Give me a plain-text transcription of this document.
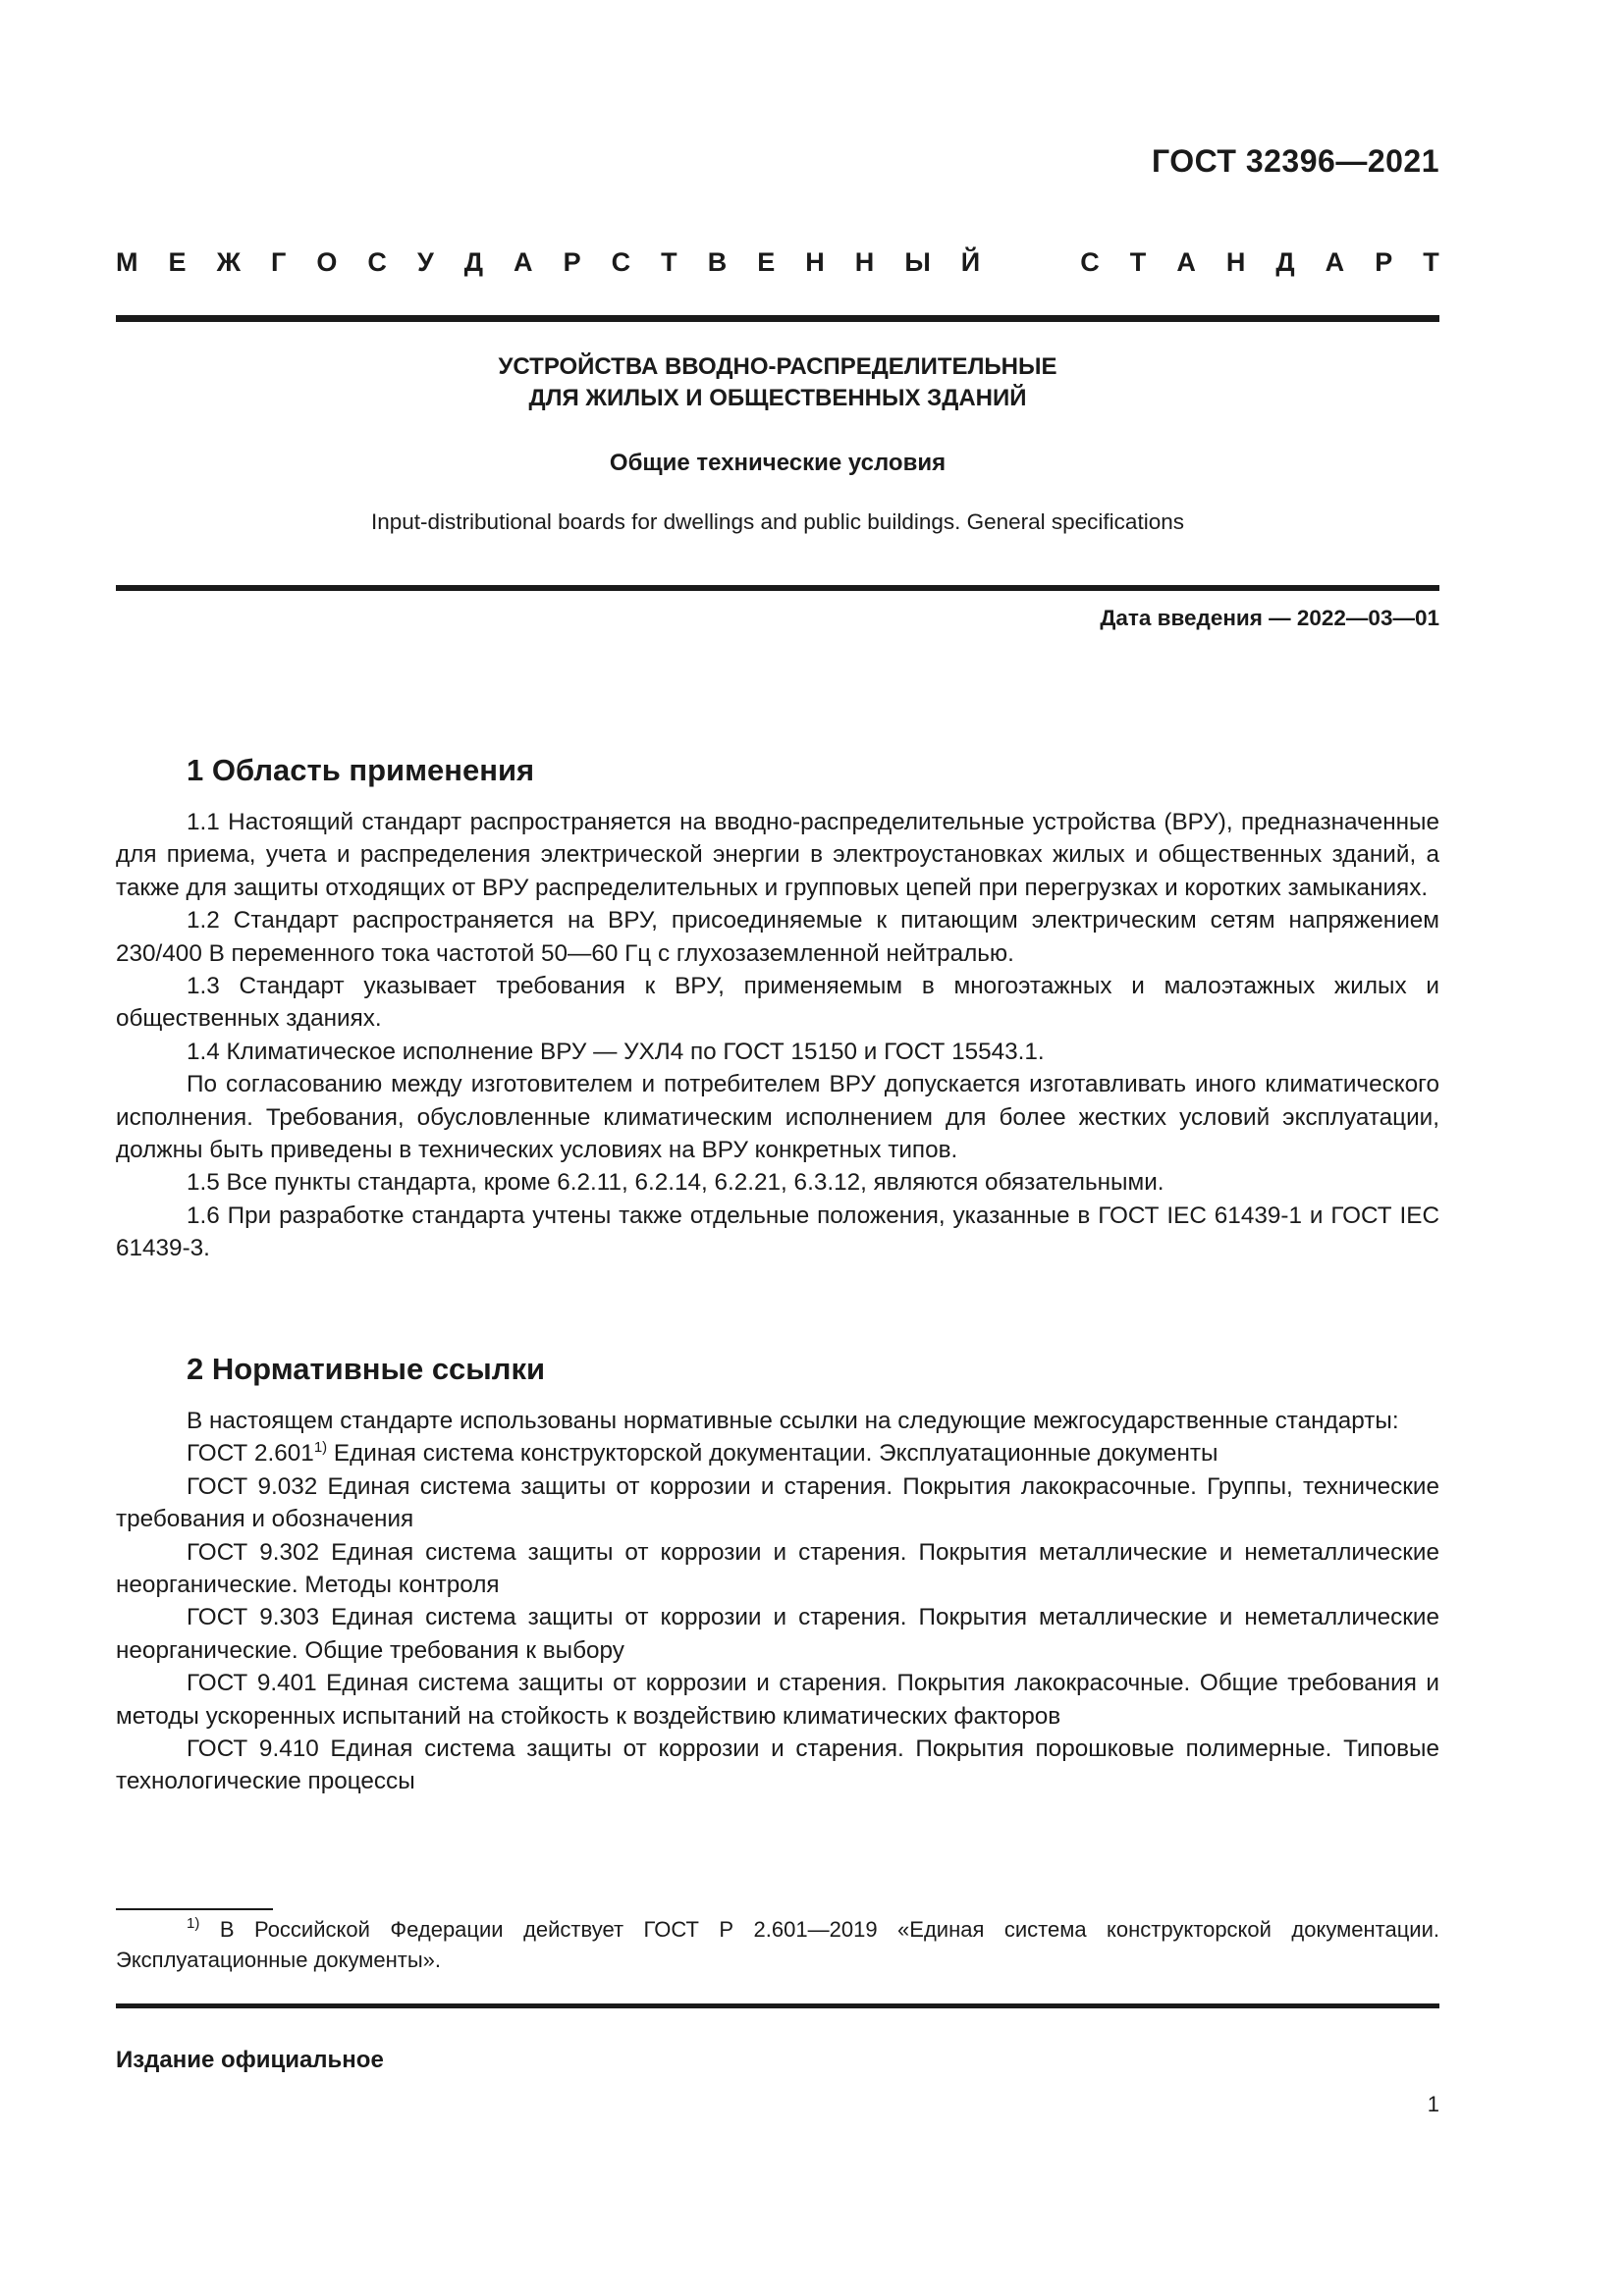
ГОСТ 32396—2021
М Е Ж Г О С У Д А Р С Т В Е Н Н Ы Й	С Т А Н Д А Р Т
УСТРОЙСТВА ВВОДНО-РАСПРЕДЕЛИТЕЛЬНЫЕ
ДЛЯ ЖИЛЫХ И ОБЩЕСТВЕННЫХ ЗДАНИЙ
Общие технические условия
Input-distributional boards for dwellings and public buildings. General specifications
Дата введения — 2022—03—01
1 Область применения

1.1 Настоящий стандарт распространяется на вводно-распределительные устройства (ВРУ), предназначенные для приема, учета и распределения электрической энергии в электроустановках жилых и общественных зданий, а также для защиты отходящих от ВРУ распределительных и групповых цепей при перегрузках и коротких замыканиях.

1.2 Стандарт распространяется на ВРУ, присоединяемые к питающим электрическим сетям напряжением 230/400 В переменного тока частотой 50—60 Гц с глухозаземленной нейтралью.

1.3 Стандарт указывает требования к ВРУ, применяемым в многоэтажных и малоэтажных жилых и общественных зданиях.

1.4 Климатическое исполнение ВРУ — УХЛ4 по ГОСТ 15150 и ГОСТ 15543.1.

По согласованию между изготовителем и потребителем ВРУ допускается изготавливать иного климатического исполнения. Требования, обусловленные климатическим исполнением для более жестких условий эксплуатации, должны быть приведены в технических условиях на ВРУ конкретных типов.

1.5 Все пункты стандарта, кроме 6.2.11, 6.2.14, 6.2.21, 6.3.12, являются обязательными.

1.6 При разработке стандарта учтены также отдельные положения, указанные в ГОСТ IEC 61439-1 и ГОСТ IEC 61439-3.

2 Нормативные ссылки

В настоящем стандарте использованы нормативные ссылки на следующие межгосударственные стандарты:

ГОСТ 2.601$^{1)}$ Единая система конструкторской документации. Эксплуатационные документы

ГОСТ 9.032 Единая система защиты от коррозии и старения. Покрытия лакокрасочные. Группы, технические требования и обозначения

ГОСТ 9.302 Единая система защиты от коррозии и старения. Покрытия металлические и неметаллические неорганические. Методы контроля

ГОСТ 9.303 Единая система защиты от коррозии и старения. Покрытия металлические и неметаллические неорганические. Общие требования к выбору

ГОСТ 9.401 Единая система защиты от коррозии и старения. Покрытия лакокрасочные. Общие требования и методы ускоренных испытаний на стойкость к воздействию климатических факторов

ГОСТ 9.410 Единая система защиты от коррозии и старения. Покрытия порошковые полимерные. Типовые технологические процессы

$^{1)}$ В Российской Федерации действует ГОСТ Р 2.601—2019 «Единая система конструкторской документации. Эксплуатационные документы».

Издание официальное
1
